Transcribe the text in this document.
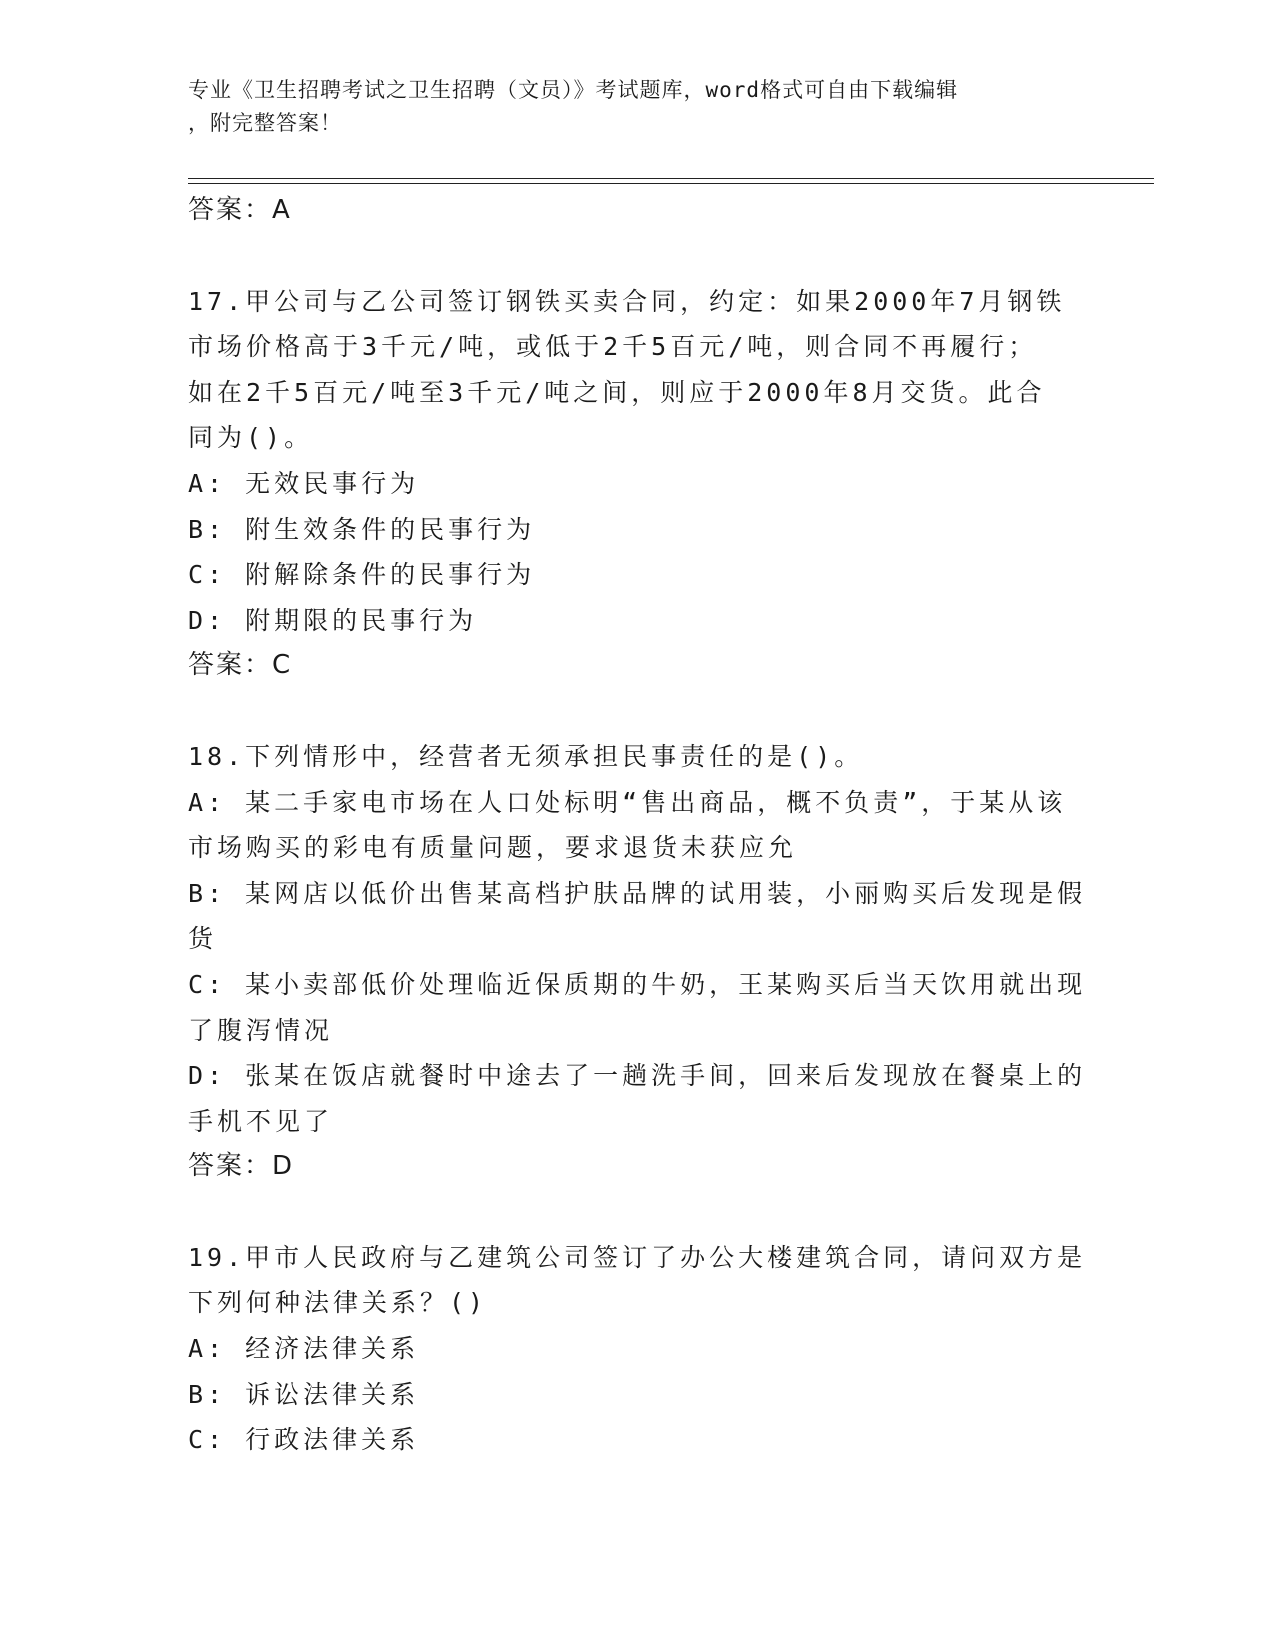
专业《卫生招聘考试之卫生招聘（文员）》考试题库，word格式可自由下载编辑
，附完整答案！

答案：A

17.甲公司与乙公司签订钢铁买卖合同，约定：如果2000年7月钢铁

市场价格高于3千元/吨，或低于2千5百元/吨，则合同不再履行；

如在2千5百元/吨至3千元/吨之间，则应于2000年8月交货。此合

同为()。

A: 无效民事行为

B: 附生效条件的民事行为

C: 附解除条件的民事行为

D: 附期限的民事行为

答案：C

18.下列情形中，经营者无须承担民事责任的是()。

A: 某二手家电市场在人口处标明“售出商品，概不负责”，于某从该

市场购买的彩电有质量问题，要求退货未获应允

B: 某网店以低价出售某高档护肤品牌的试用装，小丽购买后发现是假

货

C: 某小卖部低价处理临近保质期的牛奶，王某购买后当天饮用就出现

了腹泻情况

D: 张某在饭店就餐时中途去了一趟洗手间，回来后发现放在餐桌上的

手机不见了

答案：D

19.甲市人民政府与乙建筑公司签订了办公大楼建筑合同，请问双方是

下列何种法律关系？()

A: 经济法律关系

B: 诉讼法律关系

C: 行政法律关系
